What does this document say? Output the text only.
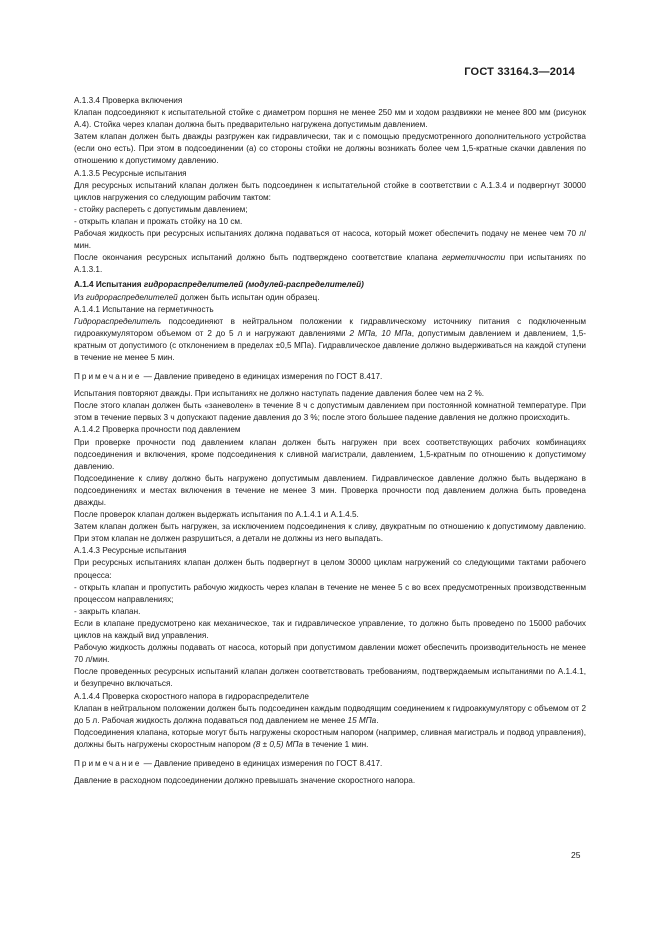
ГОСТ 33164.3—2014

А.1.3.4 Проверка включения

Клапан подсоединяют к испытательной стойке с диаметром поршня не менее 250 мм и ходом раздвижки не менее 800 мм (рисунок А.4). Стойка через клапан должна быть предварительно нагружена допустимым давлением.

Затем клапан должен быть дважды разгружен как гидравлически, так и с помощью предусмотренного дополнительного устройства (если оно есть). При этом в подсоединении (а) со стороны стойки не должны возникать более чем 1,5-кратные скачки давления по отношению к допустимому давлению.

А.1.3.5 Ресурсные испытания

Для ресурсных испытаний клапан должен быть подсоединен к испытательной стойке в соответствии с А.1.3.4 и подвергнут 30000 циклов нагружения со следующим рабочим тактом:

- стойку распереть с допустимым давлением;

- открыть клапан и прожать стойку на 10 см.

Рабочая жидкость при ресурсных испытаниях должна подаваться от насоса, который может обеспечить подачу не менее чем 70 л/мин.

После окончания ресурсных испытаний должно быть подтверждено соответствие клапана герметичности при испытаниях по А.1.3.1.

А.1.4 Испытания гидрораспределителей (модулей-распределителей)

Из гидрораспределителей должен быть испытан один образец.

А.1.4.1 Испытание на герметичность

Гидрораспределитель подсоединяют в нейтральном положении к гидравлическому источнику питания с подключенным гидроаккумулятором объемом от 2 до 5 л и нагружают давлениями 2 МПа, 10 МПа, допустимым давлением и давлением, 1,5-кратным от допустимого (с отклонением в пределах ±0,5 МПа). Гидравлическое давление должно выдерживаться на каждой ступени в течение не менее 5 мин.

Примечание — Давление приведено в единицах измерения по ГОСТ 8.417.

Испытания повторяют дважды. При испытаниях не должно наступать падение давления более чем на 2 %.

После этого клапан должен быть «заневолен» в течение 8 ч с допустимым давлением при постоянной комнатной температуре. При этом в течение первых 3 ч допускают падение давления до 3 %; после этого большее падение давления не должно происходить.

А.1.4.2 Проверка прочности под давлением

При проверке прочности под давлением клапан должен быть нагружен при всех соответствующих рабочих комбинациях подсоединения и включения, кроме подсоединения к сливной магистрали, давлением, 1,5-кратным по отношению к допустимому давлению.

Подсоединение к сливу должно быть нагружено допустимым давлением. Гидравлическое давление должно быть выдержано в подсоединениях и местах включения в течение не менее 3 мин. Проверка прочности под давлением должна быть проведена дважды.

После проверок клапан должен выдержать испытания по А.1.4.1 и А.1.4.5.

Затем клапан должен быть нагружен, за исключением подсоединения к сливу, двукратным по отношению к допустимому давлению. При этом клапан не должен разрушиться, а детали не должны из него выпадать.

А.1.4.3 Ресурсные испытания

При ресурсных испытаниях клапан должен быть подвергнут в целом 30000 циклам нагружений со следующими тактами рабочего процесса:

- открыть клапан и пропустить рабочую жидкость через клапан в течение не менее 5 с во всех предусмотренных производственным процессом направлениях;

- закрыть клапан.

Если в клапане предусмотрено как механическое, так и гидравлическое управление, то должно быть проведено по 15000 рабочих циклов на каждый вид управления.

Рабочую жидкость должны подавать от насоса, который при допустимом давлении может обеспечить производительность не менее 70 л/мин.

После проведенных ресурсных испытаний клапан должен соответствовать требованиям, подтверждаемым испытаниями по А.1.4.1, и безупречно включаться.

А.1.4.4 Проверка скоростного напора в гидрораспределителе

Клапан в нейтральном положении должен быть подсоединен каждым подводящим соединением к гидроаккумулятору с объемом от 2 до 5 л. Рабочая жидкость должна подаваться под давлением не менее 15 МПа.

Подсоединения клапана, которые могут быть нагружены скоростным напором (например, сливная магистраль и подвод управления), должны быть нагружены скоростным напором (8 ± 0,5) МПа в течение 1 мин.

Примечание — Давление приведено в единицах измерения по ГОСТ 8.417.

Давление в расходном подсоединении должно превышать значение скоростного напора.

25
